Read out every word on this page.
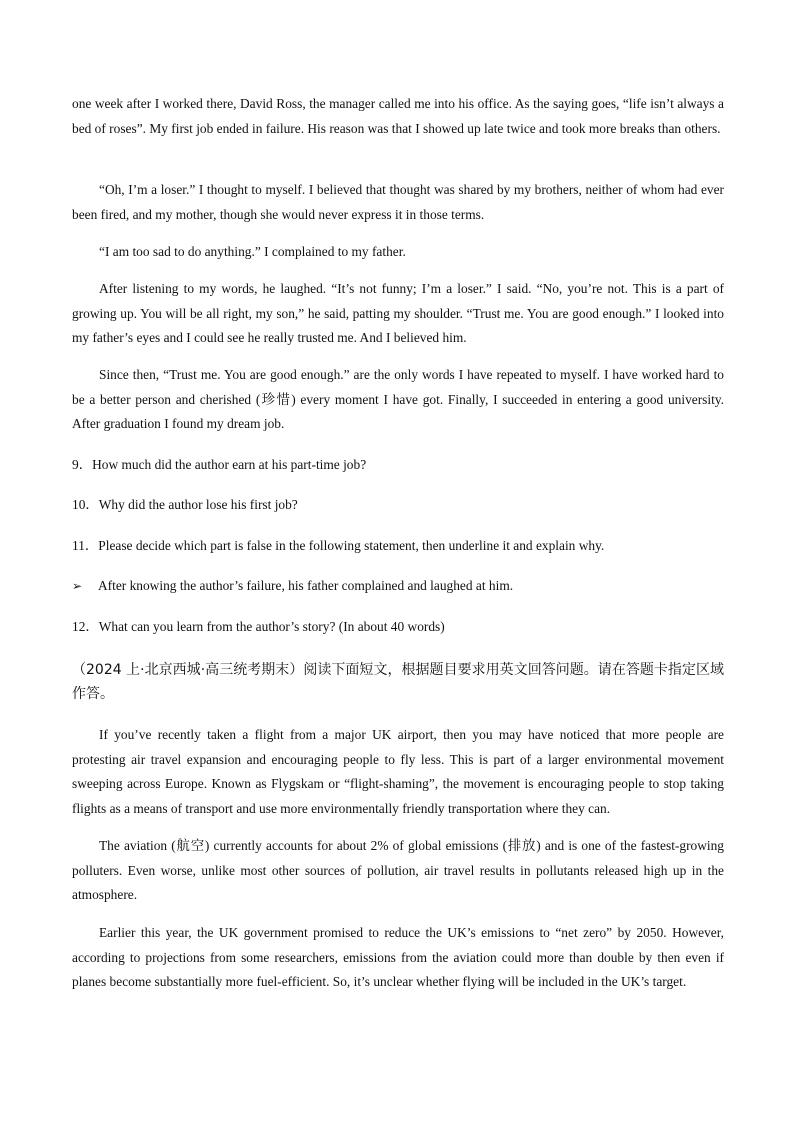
one week after I worked there, David Ross, the manager called me into his office. As the saying goes, “life isn’t always a bed of roses”. My first job ended in failure. His reason was that I showed up late twice and took more breaks than others.
“Oh, I’m a loser.” I thought to myself. I believed that thought was shared by my brothers, neither of whom had ever been fired, and my mother, though she would never express it in those terms.
“I am too sad to do anything.” I complained to my father.
After listening to my words, he laughed. “It’s not funny; I’m a loser.” I said. “No, you’re not. This is a part of growing up. You will be all right, my son,” he said, patting my shoulder. “Trust me. You are good enough.” I looked into my father’s eyes and I could see he really trusted me. And I believed him.
Since then, “Trust me. You are good enough.” are the only words I have repeated to myself. I have worked hard to be a better person and cherished (珍惜) every moment I have got. Finally, I succeeded in entering a good university. After graduation I found my dream job.
9．How much did the author earn at his part-time job?
10．Why did the author lose his first job?
11．Please decide which part is false in the following statement, then underline it and explain why.
➢ After knowing the author’s failure, his father complained and laughed at him.
12．What can you learn from the author’s story? (In about 40 words)
（2024 上·北京西城·高三统考期末）阅读下面短文，根据题目要求用英文回答问题。请在答题卡指定区域作答。
If you’ve recently taken a flight from a major UK airport, then you may have noticed that more people are protesting air travel expansion and encouraging people to fly less. This is part of a larger environmental movement sweeping across Europe. Known as Flygskam or “flight-shaming”, the movement is encouraging people to stop taking flights as a means of transport and use more environmentally friendly transportation where they can.
The aviation (航空) currently accounts for about 2% of global emissions (排放) and is one of the fastest-growing polluters. Even worse, unlike most other sources of pollution, air travel results in pollutants released high up in the atmosphere.
Earlier this year, the UK government promised to reduce the UK’s emissions to “net zero” by 2050. However, according to projections from some researchers, emissions from the aviation could more than double by then even if planes become substantially more fuel-efficient. So, it’s unclear whether flying will be included in the UK’s target.
